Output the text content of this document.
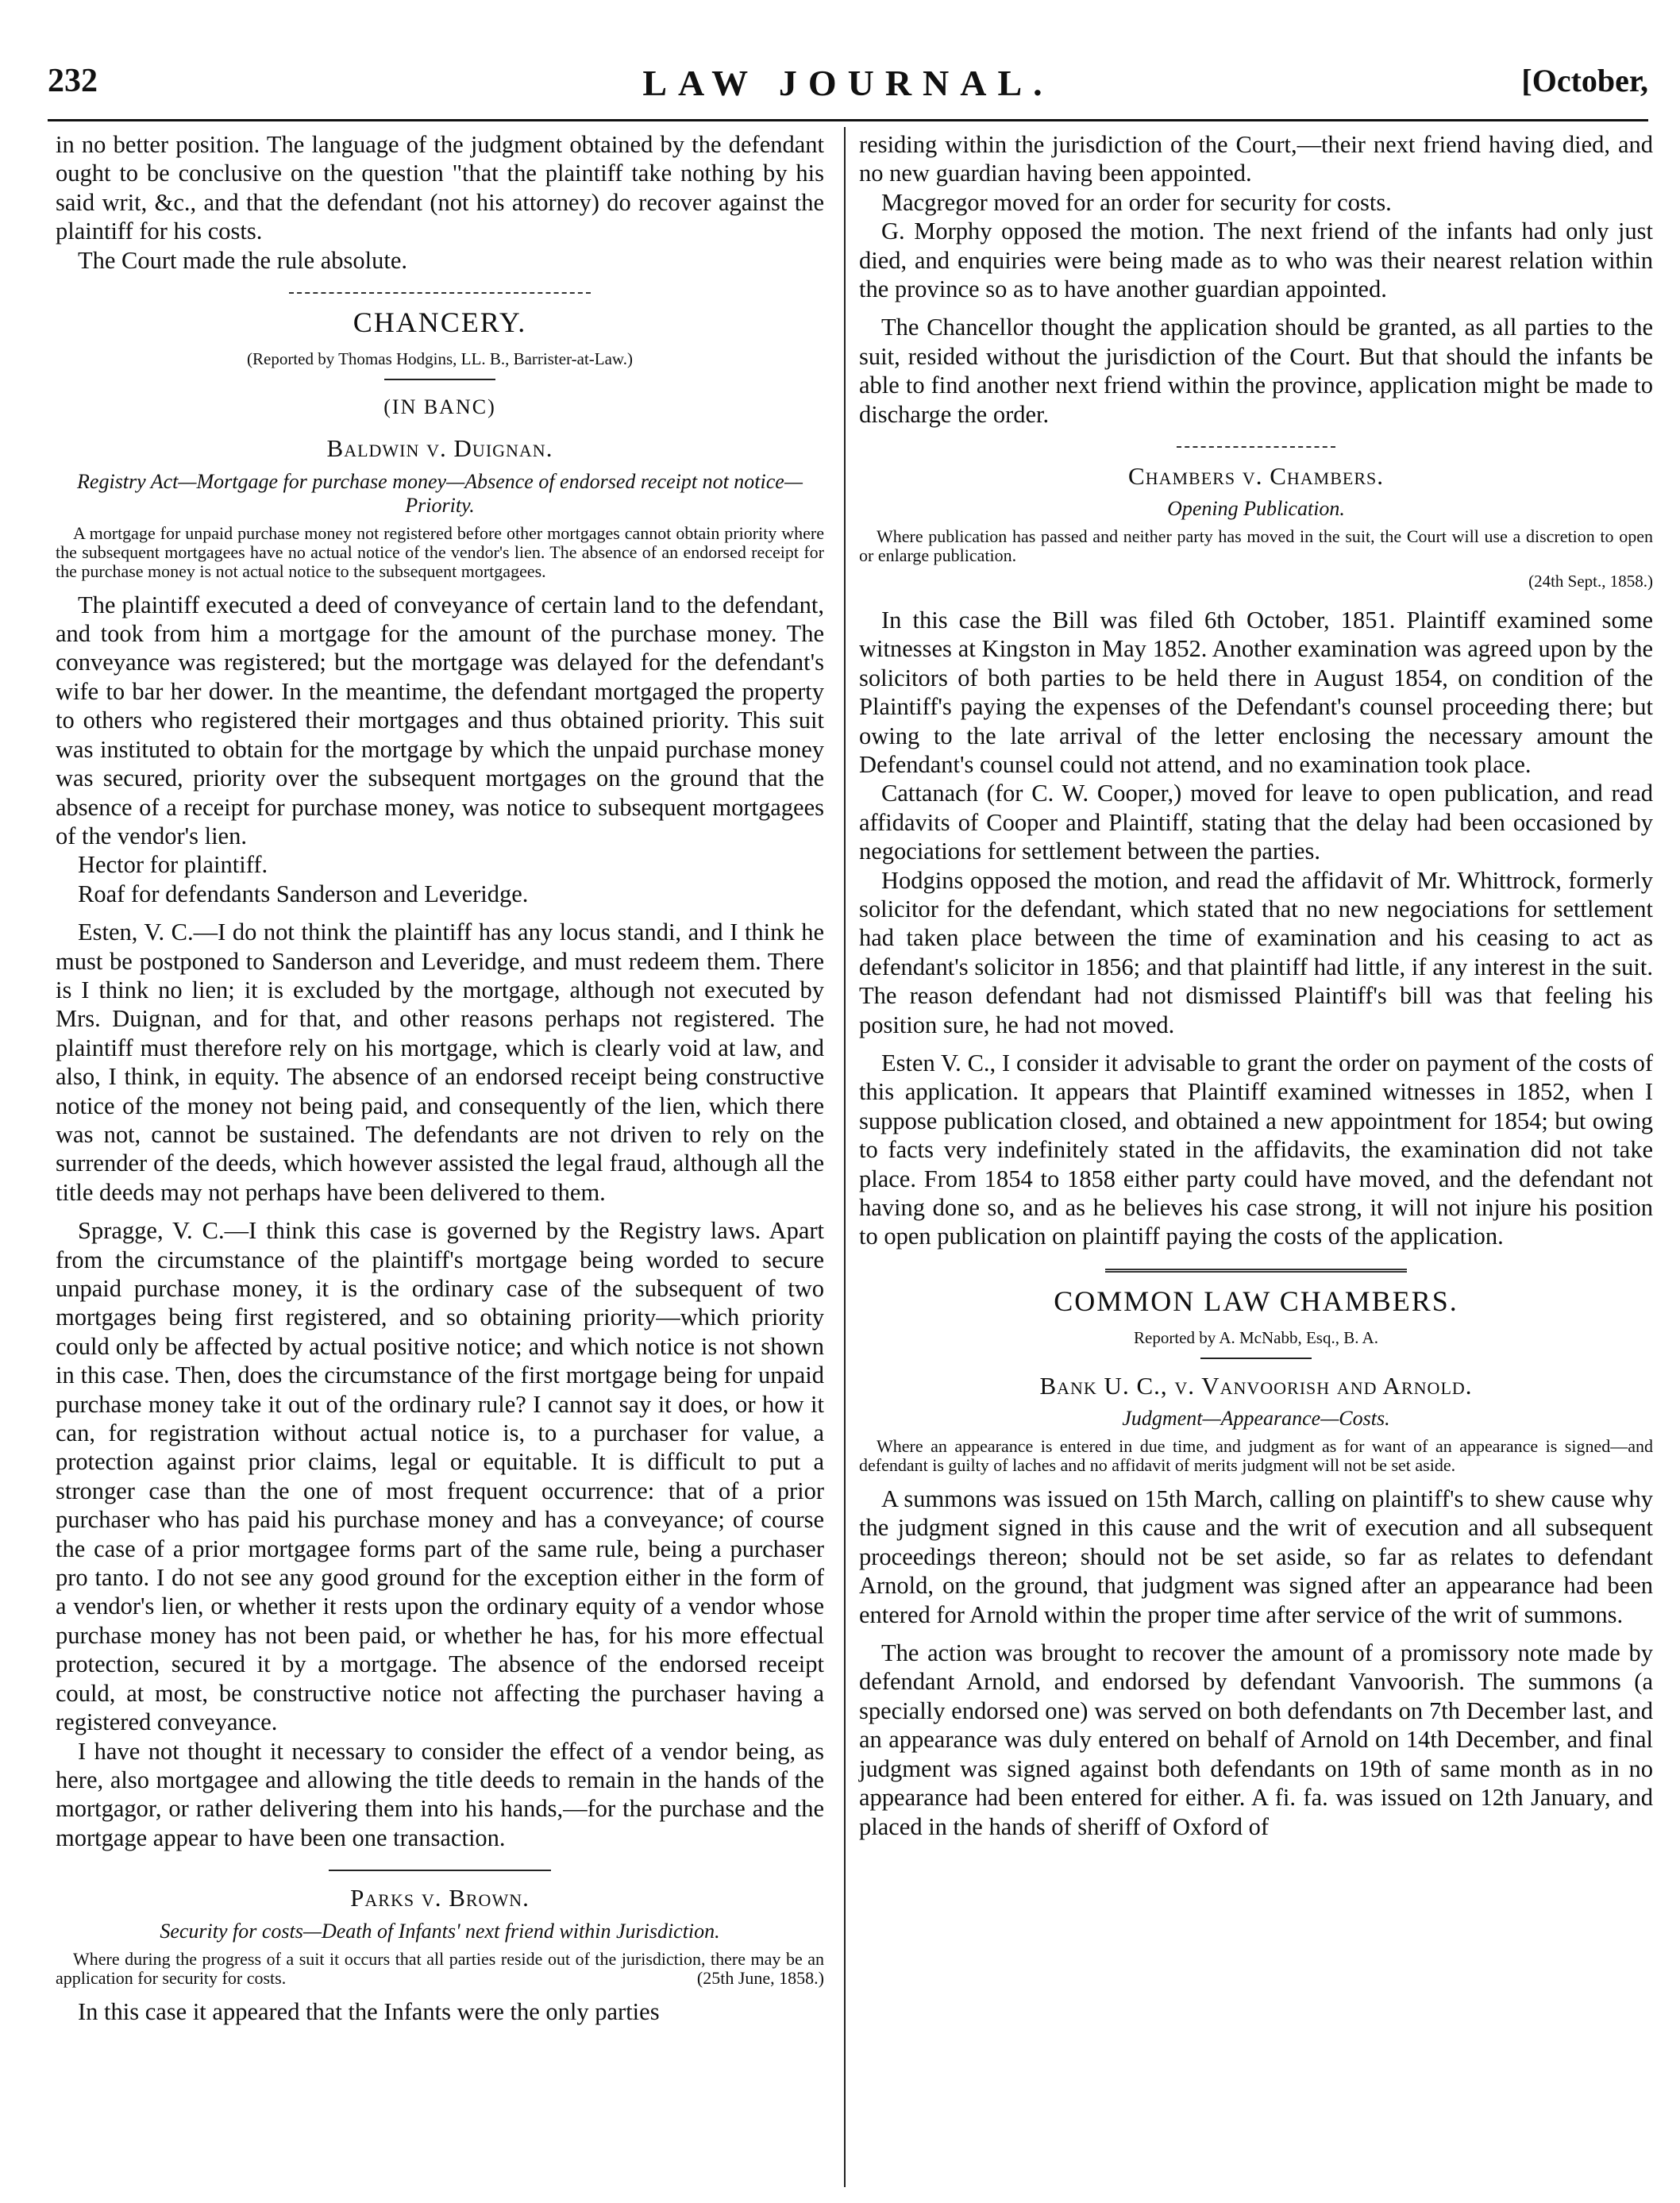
LAW JOURNAL.
232	[October,

in no better position. The language of the judgment obtained by the defendant ought to be conclusive on the question "that the plaintiff take nothing by his said writ, &c., and that the defendant (not his attorney) do recover against the plaintiff for his costs.

The Court made the rule absolute.

CHANCERY.
(Reported by Thomas Hodgins, LL. B., Barrister-at-Law.)
(IN BANC)
Baldwin v. Duignan.
Registry Act—Mortgage for purchase money—Absence of endorsed receipt not notice—Priority.
A mortgage for unpaid purchase money not registered before other mortgages cannot obtain priority where the subsequent mortgagees have no actual notice of the vendor's lien. The absence of an endorsed receipt for the purchase money is not actual notice to the subsequent mortgagees.

The plaintiff executed a deed of conveyance of certain land to the defendant, and took from him a mortgage for the amount of the purchase money. The conveyance was registered; but the mortgage was delayed for the defendant's wife to bar her dower. In the meantime, the defendant mortgaged the property to others who registered their mortgages and thus obtained priority. This suit was instituted to obtain for the mortgage by which the unpaid purchase money was secured, priority over the subsequent mortgages on the ground that the absence of a receipt for purchase money, was notice to subsequent mortgagees of the vendor's lien.

Hector for plaintiff.

Roaf for defendants Sanderson and Leveridge.

Esten, V. C.—I do not think the plaintiff has any locus standi, and I think he must be postponed to Sanderson and Leveridge, and must redeem them. There is I think no lien; it is excluded by the mortgage, although not executed by Mrs. Duignan, and for that, and other reasons perhaps not registered. The plaintiff must therefore rely on his mortgage, which is clearly void at law, and also, I think, in equity. The absence of an endorsed receipt being constructive notice of the money not being paid, and consequently of the lien, which there was not, cannot be sustained. The defendants are not driven to rely on the surrender of the deeds, which however assisted the legal fraud, although all the title deeds may not perhaps have been delivered to them.

Spragge, V. C.—I think this case is governed by the Registry laws. Apart from the circumstance of the plaintiff's mortgage being worded to secure unpaid purchase money, it is the ordinary case of the subsequent of two mortgages being first registered, and so obtaining priority—which priority could only be affected by actual positive notice; and which notice is not shown in this case. Then, does the circumstance of the first mortgage being for unpaid purchase money take it out of the ordinary rule? I cannot say it does, or how it can, for registration without actual notice is, to a purchaser for value, a protection against prior claims, legal or equitable. It is difficult to put a stronger case than the one of most frequent occurrence: that of a prior purchaser who has paid his purchase money and has a conveyance; of course the case of a prior mortgagee forms part of the same rule, being a purchaser pro tanto. I do not see any good ground for the exception either in the form of a vendor's lien, or whether it rests upon the ordinary equity of a vendor whose purchase money has not been paid, or whether he has, for his more effectual protection, secured it by a mortgage. The absence of the endorsed receipt could, at most, be constructive notice not affecting the purchaser having a registered conveyance.

I have not thought it necessary to consider the effect of a vendor being, as here, also mortgagee and allowing the title deeds to remain in the hands of the mortgagor, or rather delivering them into his hands,—for the purchase and the mortgage appear to have been one transaction.

Parks v. Brown.
Security for costs—Death of Infants' next friend within Jurisdiction.
Where during the progress of a suit it occurs that all parties reside out of the jurisdiction, there may be an application for security for costs.	(25th June, 1858.)

In this case it appeared that the Infants were the only parties

residing within the jurisdiction of the Court,—their next friend having died, and no new guardian having been appointed.

Macgregor moved for an order for security for costs.

G. Morphy opposed the motion. The next friend of the infants had only just died, and enquiries were being made as to who was their nearest relation within the province so as to have another guardian appointed.

The Chancellor thought the application should be granted, as all parties to the suit, resided without the jurisdiction of the Court. But that should the infants be able to find another next friend within the province, application might be made to discharge the order.

Chambers v. Chambers.
Opening Publication.
Where publication has passed and neither party has moved in the suit, the Court will use a discretion to open or enlarge publication.
(24th Sept., 1858.)

In this case the Bill was filed 6th October, 1851. Plaintiff examined some witnesses at Kingston in May 1852. Another examination was agreed upon by the solicitors of both parties to be held there in August 1854, on condition of the Plaintiff's paying the expenses of the Defendant's counsel proceeding there; but owing to the late arrival of the letter enclosing the necessary amount the Defendant's counsel could not attend, and no examination took place.

Cattanach (for C. W. Cooper,) moved for leave to open publication, and read affidavits of Cooper and Plaintiff, stating that the delay had been occasioned by negociations for settlement between the parties.

Hodgins opposed the motion, and read the affidavit of Mr. Whittrock, formerly solicitor for the defendant, which stated that no new negociations for settlement had taken place between the time of examination and his ceasing to act as defendant's solicitor in 1856; and that plaintiff had little, if any interest in the suit. The reason defendant had not dismissed Plaintiff's bill was that feeling his position sure, he had not moved.

Esten V. C., I consider it advisable to grant the order on payment of the costs of this application. It appears that Plaintiff examined witnesses in 1852, when I suppose publication closed, and obtained a new appointment for 1854; but owing to facts very indefinitely stated in the affidavits, the examination did not take place. From 1854 to 1858 either party could have moved, and the defendant not having done so, and as he believes his case strong, it will not injure his position to open publication on plaintiff paying the costs of the application.

COMMON LAW CHAMBERS.
Reported by A. McNabb, Esq., B. A.
Bank U. C., v. Vanvoorish and Arnold.
Judgment—Appearance—Costs.
Where an appearance is entered in due time, and judgment as for want of an appearance is signed—and defendant is guilty of laches and no affidavit of merits judgment will not be set aside.

A summons was issued on 15th March, calling on plaintiff's to shew cause why the judgment signed in this cause and the writ of execution and all subsequent proceedings thereon; should not be set aside, so far as relates to defendant Arnold, on the ground, that judgment was signed after an appearance had been entered for Arnold within the proper time after service of the writ of summons.

The action was brought to recover the amount of a promissory note made by defendant Arnold, and endorsed by defendant Vanvoorish. The summons (a specially endorsed one) was served on both defendants on 7th December last, and an appearance was duly entered on behalf of Arnold on 14th December, and final judgment was signed against both defendants on 19th of same month as in no appearance had been entered for either. A fi. fa. was issued on 12th January, and placed in the hands of sheriff of Oxford of
